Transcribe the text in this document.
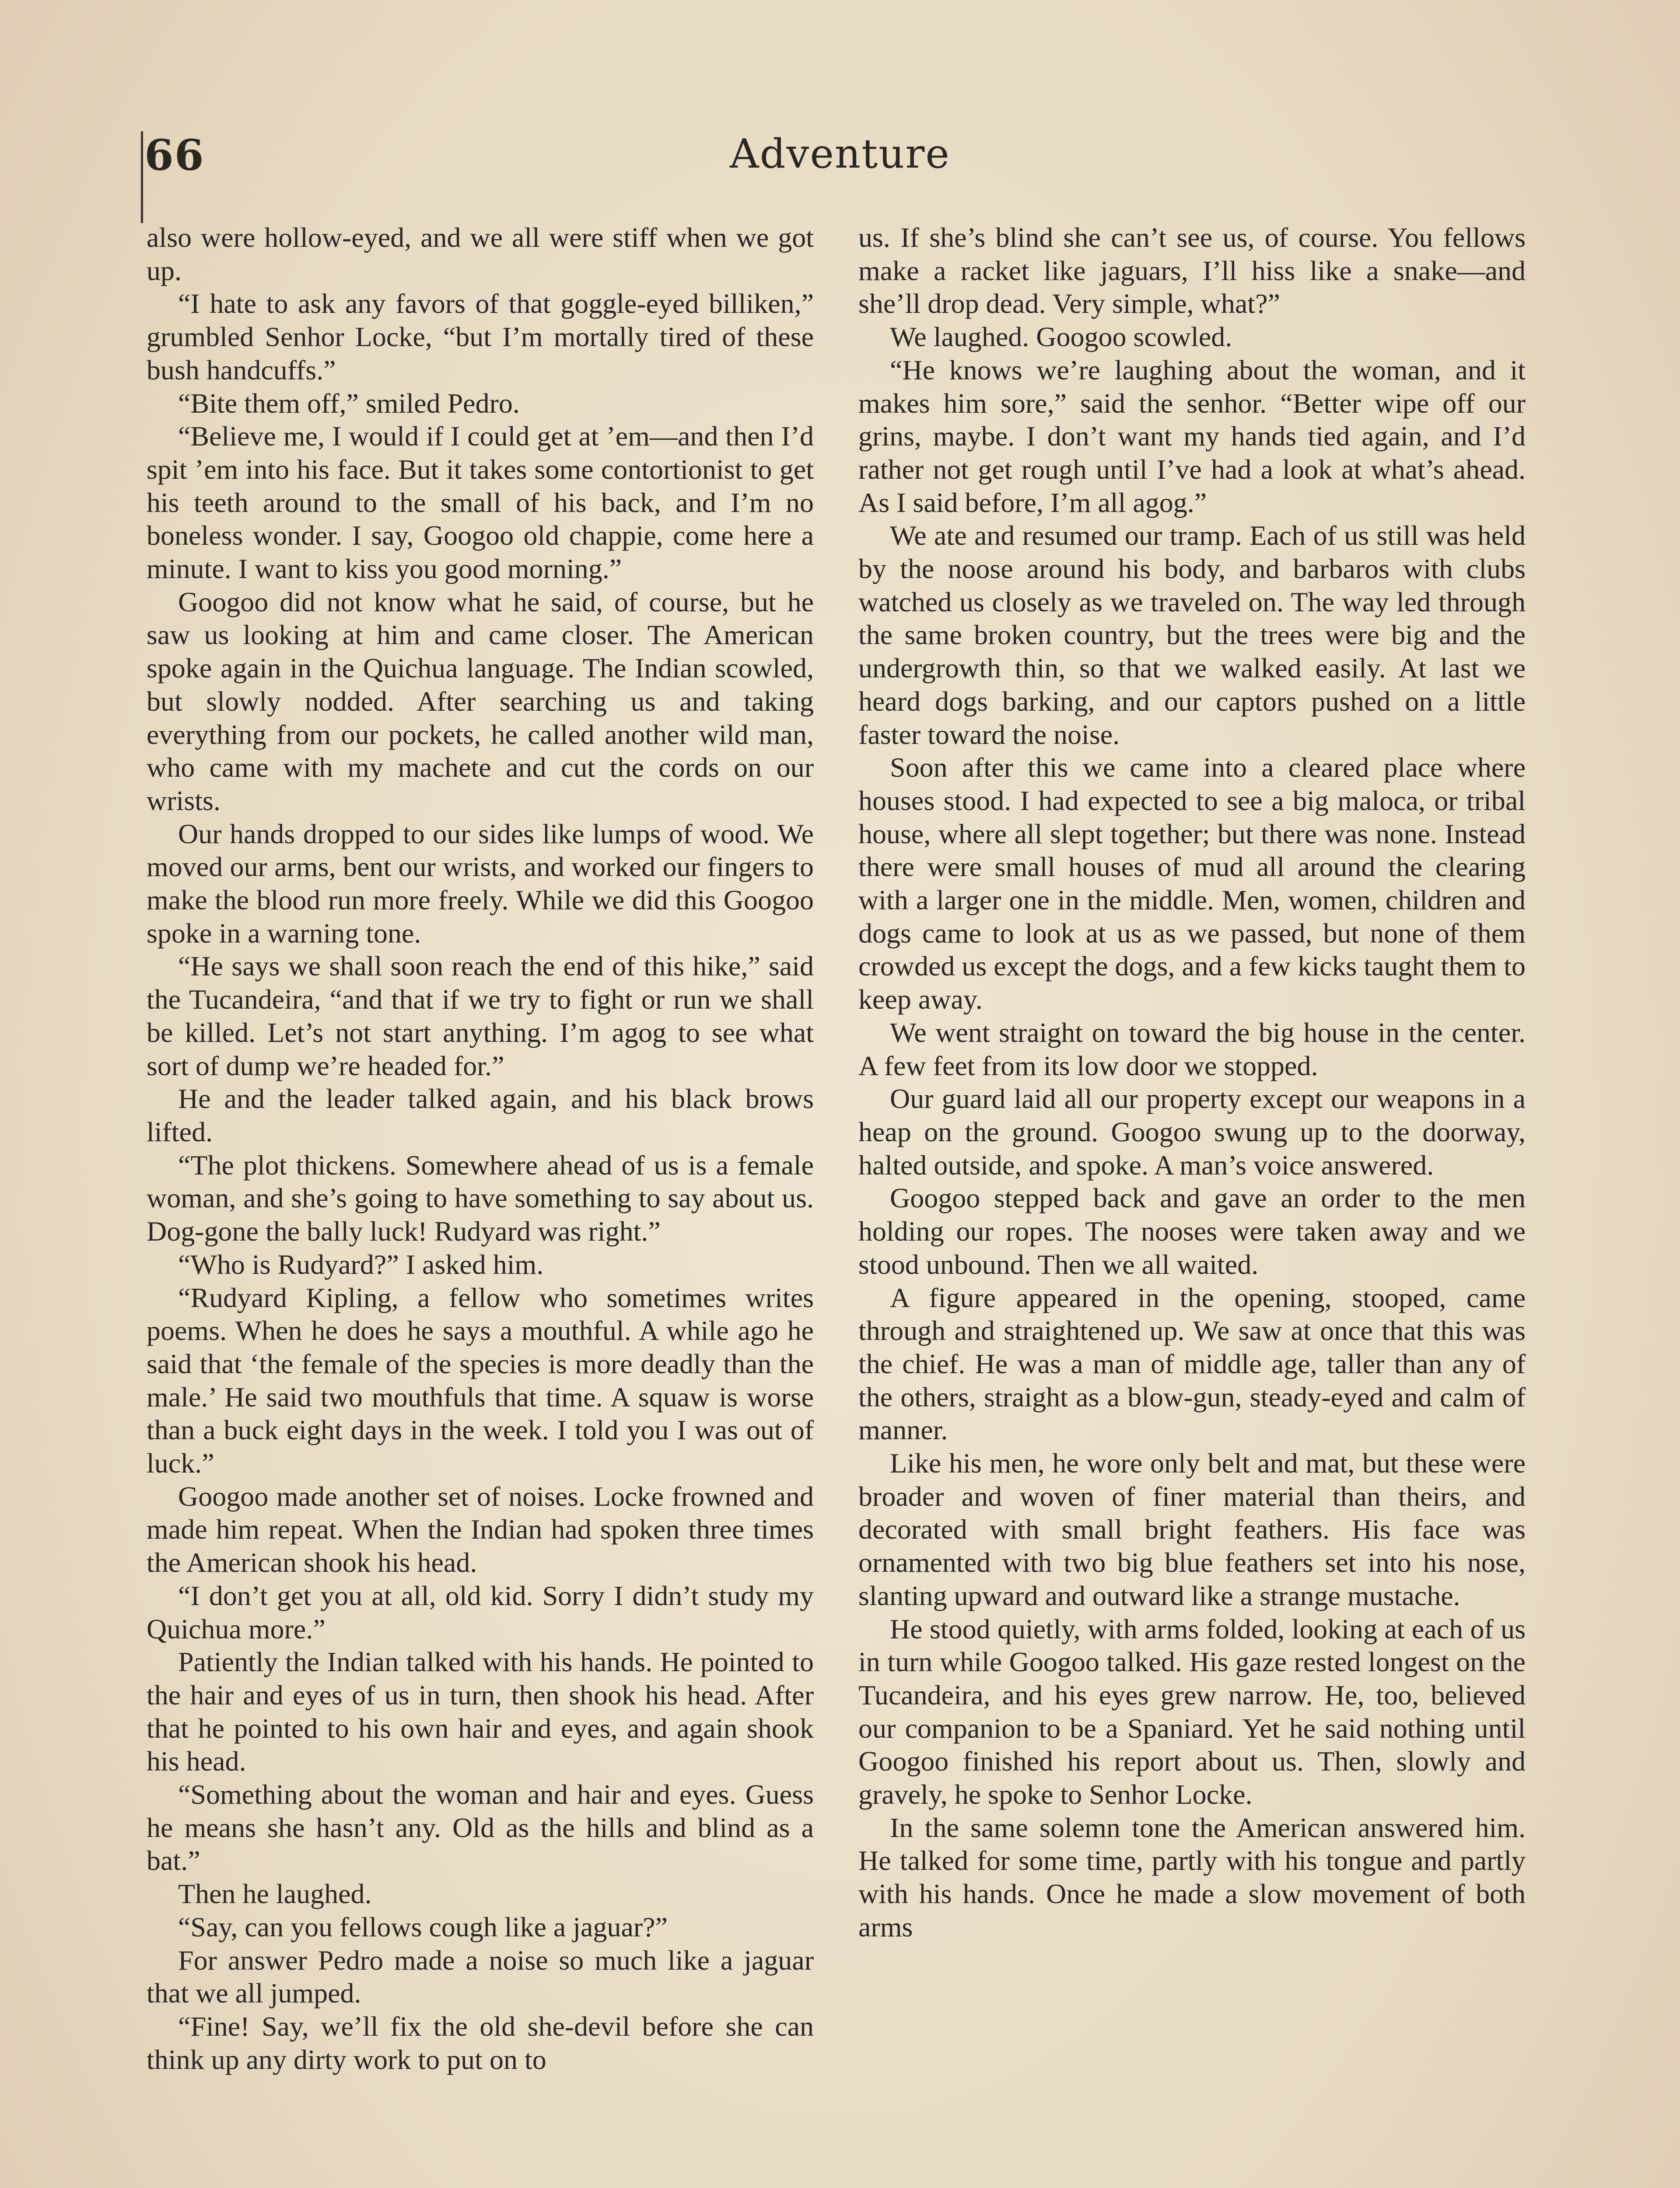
66	Adventure

also were hollow-eyed, and we all were stiff when we got up.

“I hate to ask any favors of that goggle-eyed billiken,” grumbled Senhor Locke, “but I’m mortally tired of these bush handcuffs.”

“Bite them off,” smiled Pedro.

“Believe me, I would if I could get at ’em—and then I’d spit ’em into his face. But it takes some contortionist to get his teeth around to the small of his back, and I’m no boneless wonder. I say, Googoo old chappie, come here a minute. I want to kiss you good morning.”

Googoo did not know what he said, of course, but he saw us looking at him and came closer. The American spoke again in the Quichua language. The Indian scowled, but slowly nodded. After searching us and taking everything from our pockets, he called another wild man, who came with my machete and cut the cords on our wrists.

Our hands dropped to our sides like lumps of wood. We moved our arms, bent our wrists, and worked our fingers to make the blood run more freely. While we did this Googoo spoke in a warning tone.

“He says we shall soon reach the end of this hike,” said the Tucandeira, “and that if we try to fight or run we shall be killed. Let’s not start anything. I’m agog to see what sort of dump we’re headed for.”

He and the leader talked again, and his black brows lifted.

“The plot thickens. Somewhere ahead of us is a female woman, and she’s going to have something to say about us. Dog-gone the bally luck! Rudyard was right.”

“Who is Rudyard?” I asked him.

“Rudyard Kipling, a fellow who sometimes writes poems. When he does he says a mouthful. A while ago he said that ‘the female of the species is more deadly than the male.’ He said two mouthfuls that time. A squaw is worse than a buck eight days in the week. I told you I was out of luck.”

Googoo made another set of noises. Locke frowned and made him repeat. When the Indian had spoken three times the American shook his head.

“I don’t get you at all, old kid. Sorry I didn’t study my Quichua more.”

Patiently the Indian talked with his hands. He pointed to the hair and eyes of us in turn, then shook his head. After that he pointed to his own hair and eyes, and again shook his head.

“Something about the woman and hair and eyes. Guess he means she hasn’t any. Old as the hills and blind as a bat.”

Then he laughed.

“Say, can you fellows cough like a jaguar?”

For answer Pedro made a noise so much like a jaguar that we all jumped.

“Fine! Say, we’ll fix the old she-devil before she can think up any dirty work to put on to

us. If she’s blind she can’t see us, of course. You fellows make a racket like jaguars, I’ll hiss like a snake—and she’ll drop dead. Very simple, what?”

We laughed. Googoo scowled.

“He knows we’re laughing about the woman, and it makes him sore,” said the senhor. “Better wipe off our grins, maybe. I don’t want my hands tied again, and I’d rather not get rough until I’ve had a look at what’s ahead. As I said before, I’m all agog.”

We ate and resumed our tramp. Each of us still was held by the noose around his body, and barbaros with clubs watched us closely as we traveled on. The way led through the same broken country, but the trees were big and the undergrowth thin, so that we walked easily. At last we heard dogs barking, and our captors pushed on a little faster toward the noise.

Soon after this we came into a cleared place where houses stood. I had expected to see a big maloca, or tribal house, where all slept together; but there was none. Instead there were small houses of mud all around the clearing with a larger one in the middle. Men, women, children and dogs came to look at us as we passed, but none of them crowded us except the dogs, and a few kicks taught them to keep away.

We went straight on toward the big house in the center. A few feet from its low door we stopped.

Our guard laid all our property except our weapons in a heap on the ground. Googoo swung up to the doorway, halted outside, and spoke. A man’s voice answered.

Googoo stepped back and gave an order to the men holding our ropes. The nooses were taken away and we stood unbound. Then we all waited.

A figure appeared in the opening, stooped, came through and straightened up. We saw at once that this was the chief. He was a man of middle age, taller than any of the others, straight as a blow-gun, steady-eyed and calm of manner.

Like his men, he wore only belt and mat, but these were broader and woven of finer material than theirs, and decorated with small bright feathers. His face was ornamented with two big blue feathers set into his nose, slanting upward and outward like a strange mustache.

He stood quietly, with arms folded, looking at each of us in turn while Googoo talked. His gaze rested longest on the Tucandeira, and his eyes grew narrow. He, too, believed our companion to be a Spaniard. Yet he said nothing until Googoo finished his report about us. Then, slowly and gravely, he spoke to Senhor Locke.

In the same solemn tone the American answered him. He talked for some time, partly with his tongue and partly with his hands. Once he made a slow movement of both arms
